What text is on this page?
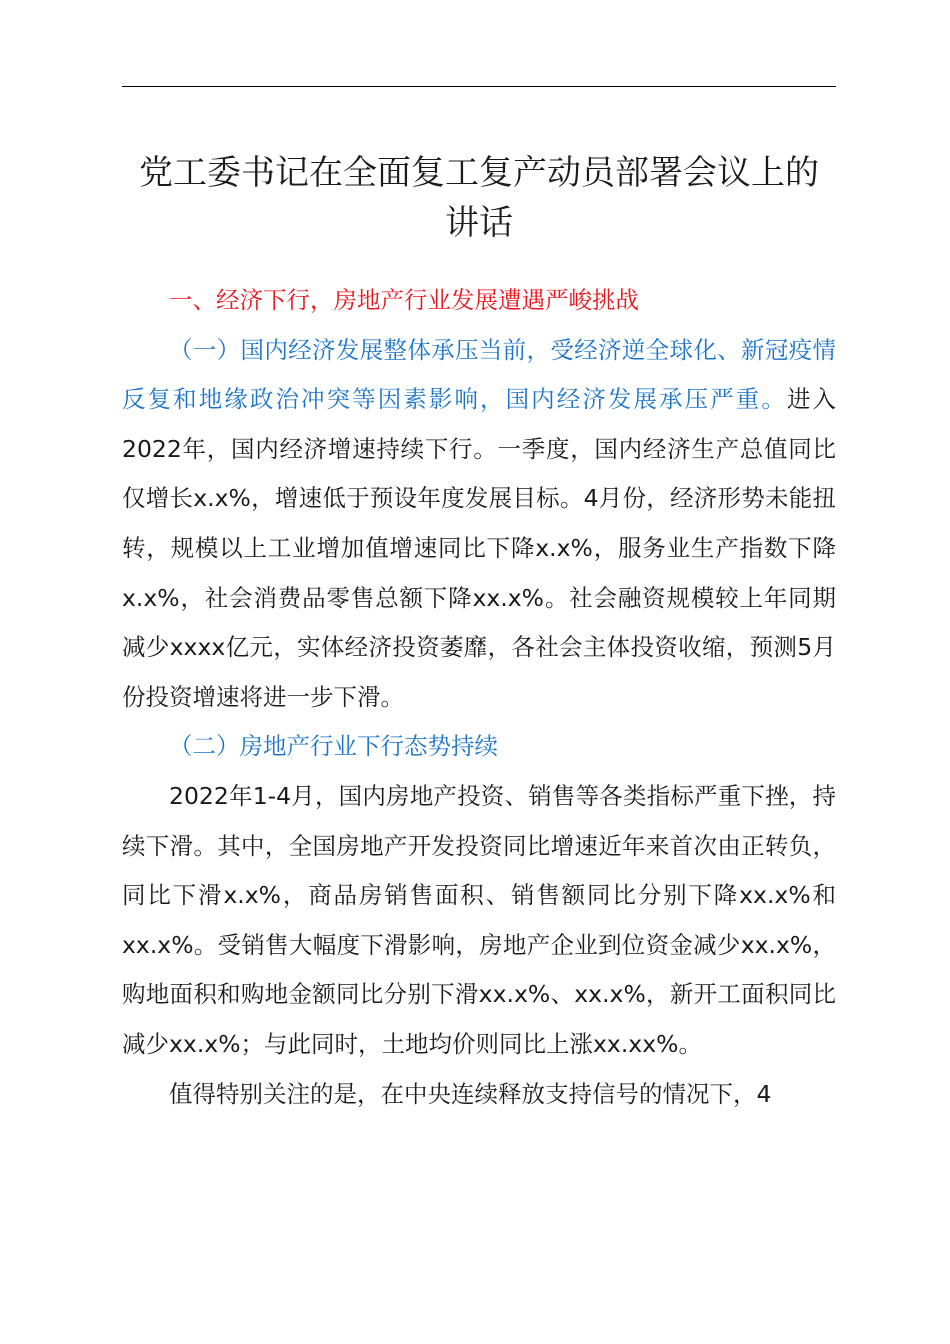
党工委书记在全面复工复产动员部署会议上的
讲话

一、经济下行，房地产行业发展遭遇严峻挑战

（一）国内经济发展整体承压当前，受经济逆全球化、新冠疫情反复和地缘政治冲突等因素影响，国内经济发展承压严重。进入2022年，国内经济增速持续下行。一季度，国内经济生产总值同比仅增长x.x%，增速低于预设年度发展目标。4月份，经济形势未能扭转，规模以上工业增加值增速同比下降x.x%，服务业生产指数下降x.x%，社会消费品零售总额下降xx.x%。社会融资规模较上年同期减少xxxx亿元，实体经济投资萎靡，各社会主体投资收缩，预测5月份投资增速将进一步下滑。

（二）房地产行业下行态势持续

2022年1-4月，国内房地产投资、销售等各类指标严重下挫，持续下滑。其中，全国房地产开发投资同比增速近年来首次由正转负，同比下滑x.x%，商品房销售面积、销售额同比分别下降xx.x%和xx.x%。受销售大幅度下滑影响，房地产企业到位资金减少xx.x%，购地面积和购地金额同比分别下滑xx.x%、xx.x%，新开工面积同比减少xx.x%；与此同时，土地均价则同比上涨xx.xx%。

值得特别关注的是，在中央连续释放支持信号的情况下，4
